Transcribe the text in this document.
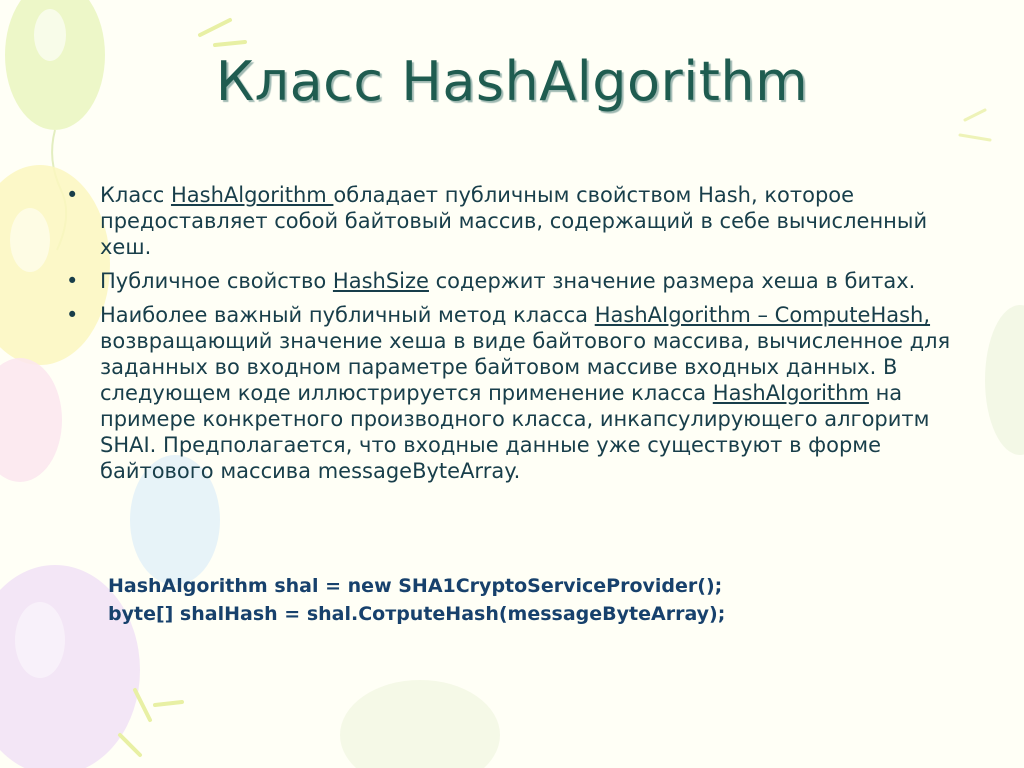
Класс HashAlgorithm
• Класс HashAlgorithm обладает публичным свойством Hash, которое предоставляет собой байтовый массив, содержащий в себе вычисленный хеш.
• Публичное свойство HashSize содержит значение размера хеша в битах.
• Наиболее важный публичный метод класса HashAIgorithm – ComputeHash, возвращающий значение хеша в виде байтового массива, вычисленное для заданных во входном параметре байтовом массиве входных данных. В следующем коде иллюстрируется применение класса HashAIgorithm на примере конкретного производного класса, инкапсулирующего алгоритм SHAI. Предполагается, что входные данные уже существуют в форме байтового массива messageByteArray.
HashAlgorithm shal = new SHA1CryptoServiceProvider();
byte[] shalHash = shal.CотputeHash(messageByteArray);
